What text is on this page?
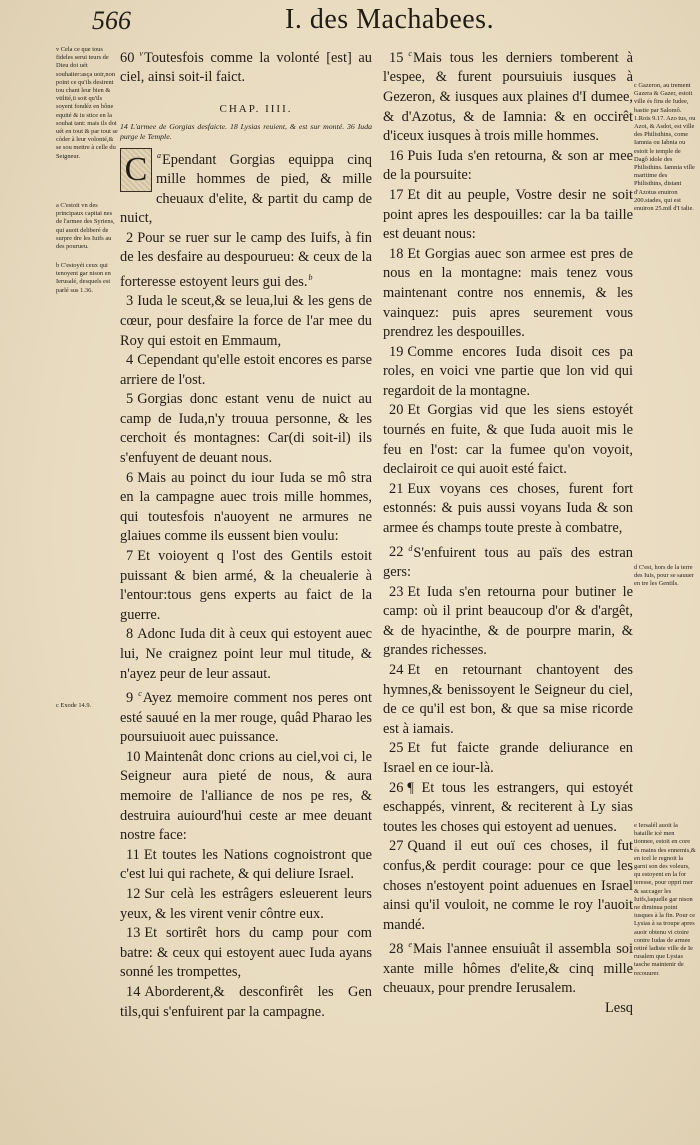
566	I. des Machabees.

v Cela ce que tous fideles serui teurs de Dieu doi uét souhaiter:asça uoir,non point ce qu'ils desirent tou chant leur bien & vtilité,ii soit qu'ils soyent fondéz en bône equité & iu stice en la souhai tant: mais ils doi uét en tout & par tout se còder à leur volonté,& se sou mettre à celle du Seigneur.

a C'estoit vn des principaux capitai nes de l'armee des Syriens, qui auoit deliberé de surpre dre les Iuifs au des pourueu.

b C'estoyét ceux qui tenoyent gar nison en Ierusalé, desquels est parlé sus 1.36.

c Exode 14.9.

c Gazeron, au trement Gazera & Gazer, estoit ville és fins de Iudee, bastie par Salomô. 1.Rois 9.17. Azo tus, ou Azot, & Asdot, est ville des Philisthins, come Iamnia ou Iabnia ou estoit le temple de Dagô idole des Philisthins. Iamnia ville maritime des Philisthins, distant d'Azotus enuiron 200.stades, qui est enuiron 25.mil d'I talie.

d C'est, hors de la terre des Iuis, pour se sauuer en tre les Gentils.

e Iersalél auoit la bataille icé men tionnee, estoit en core és mains des ennemis,& en icel le regnoit la garni son des voleurs, qu estoyent en la for teresse, pour oppri mer & saccager les Iuifs,laquelle gar nison ne diminua point iusques à la fin. Pour ce Lysias à sa troupe apres auoir obtenu vi ctoire contre Iudas de armee retiré ladiste ville de Ie rusalem que Lysias tasche maintenir de recouurer.

60 $^v$Toutesfois comme la volonté [est] au ciel, ainsi soit-il faict.

CHAP. IIII.
14 L'armee de Gorgias desfaicte. 18 Lysias reuient, & est sur monté. 36 Iuda purge le Temple.
C	$^a$Ependant Gorgias equippa cinq mille hommes de pied, & mille cheuaux d'elite, & partit du camp de nuict,

2 Pour se ruer sur le camp des Iuifs, à fin de les desfaire au despourueu: & ceux de la forteresse estoyent leurs gui des.$^b$

3 Iuda le sceut,& se leua,lui & les gens de cœur, pour desfaire la force de l'ar mee du Roy qui estoit en Emmaum,

4 Cependant qu'elle estoit encores es parse arriere de l'ost.

5 Gorgias donc estant venu de nuict au camp de Iuda,n'y trouua personne, & les cerchoit és montagnes: Car(di soit-il) ils s'enfuyent de deuant nous.

6 Mais au poinct du iour Iuda se mô stra en la campagne auec trois mille hommes, qui toutesfois n'auoyent ne armures ne glaiues comme ils eussent bien voulu:

7 Et voioyent q l'ost des Gentils estoit puissant & bien armé, & la cheualerie à l'entour:tous gens experts au faict de la guerre.

8 Adonc Iuda dit à ceux qui estoyent auec lui, Ne craignez point leur mul titude, & n'ayez peur de leur assaut.

9 $^c$Ayez memoire comment nos peres ont esté sauué en la mer rouge, quâd Pharao les poursuiuoit auec puissance.

10 Maintenât donc crions au ciel,voi ci, le Seigneur aura pieté de nous, & aura memoire de l'alliance de nos pe res, & destruira auiourd'hui ceste ar mee deuant nostre face:

11 Et toutes les Nations cognoistront que c'est lui qui rachete, & qui deliure Israel.

12 Sur celà les estrâgers esleuerent leurs yeux, & les virent venir côntre eux.

13 Et sortirêt hors du camp pour com batre: & ceux qui estoyent auec Iuda ayans sonné les trompettes,

14 Aborderent,& desconfirêt les Gen tils,qui s'enfuirent par la campagne.

15 $^c$Mais tous les derniers tomberent à l'espee, & furent poursuiuis iusques à Gezeron, & iusques aux plaines d'I dumee, & d'Azotus, & de Iamnia: & en occirêt d'iceux iusques à trois mille hommes.

16 Puis Iuda s'en retourna, & son ar mee de la poursuite:

17 Et dit au peuple, Vostre desir ne soit point apres les despouilles: car la ba taille est deuant nous:

18 Et Gorgias auec son armee est pres de nous en la montagne: mais tenez vous maintenant contre nos ennemis, & les vainquez: puis apres seurement vous prendrez les despouilles.

19 Comme encores Iuda disoit ces pa roles, en voici vne partie que lon vid qui regardoit de la montagne.

20 Et Gorgias vid que les siens estoyét tournés en fuite, & que Iuda auoit mis le feu en l'ost: car la fumee qu'on voyoit, declairoit ce qui auoit esté faict.

21 Eux voyans ces choses, furent fort estonnés: & puis aussi voyans Iuda & son armee és champs toute preste à combatre,

22 $^d$S'enfuirent tous au païs des estran gers:

23 Et Iuda s'en retourna pour butiner le camp: où il print beaucoup d'or & d'argêt, & de hyacinthe, & de pourpre marin, & grandes richesses.

24 Et en retournant chantoyent des hymnes,& benissoyent le Seigneur du ciel, de ce qu'il est bon, & que sa mise ricorde est à iamais.

25 Et fut faicte grande deliurance en Israel en ce iour-là.

26 ¶ Et tous les estrangers, qui estoyét eschappés, vinrent, & reciterent à Ly sias toutes les choses qui estoyent ad uenues.

27 Quand il eut ouï ces choses, il fut confus,& perdit courage: pour ce que les choses n'estoyent point aduenues en Israel ainsi qu'il vouloit, ne comme le roy l'auoit mandé.

28 $^e$Mais l'annee ensuiuât il assembla soi xante mille hômes d'elite,& cinq mille cheuaux, pour prendre Ierusalem.

Lesq
